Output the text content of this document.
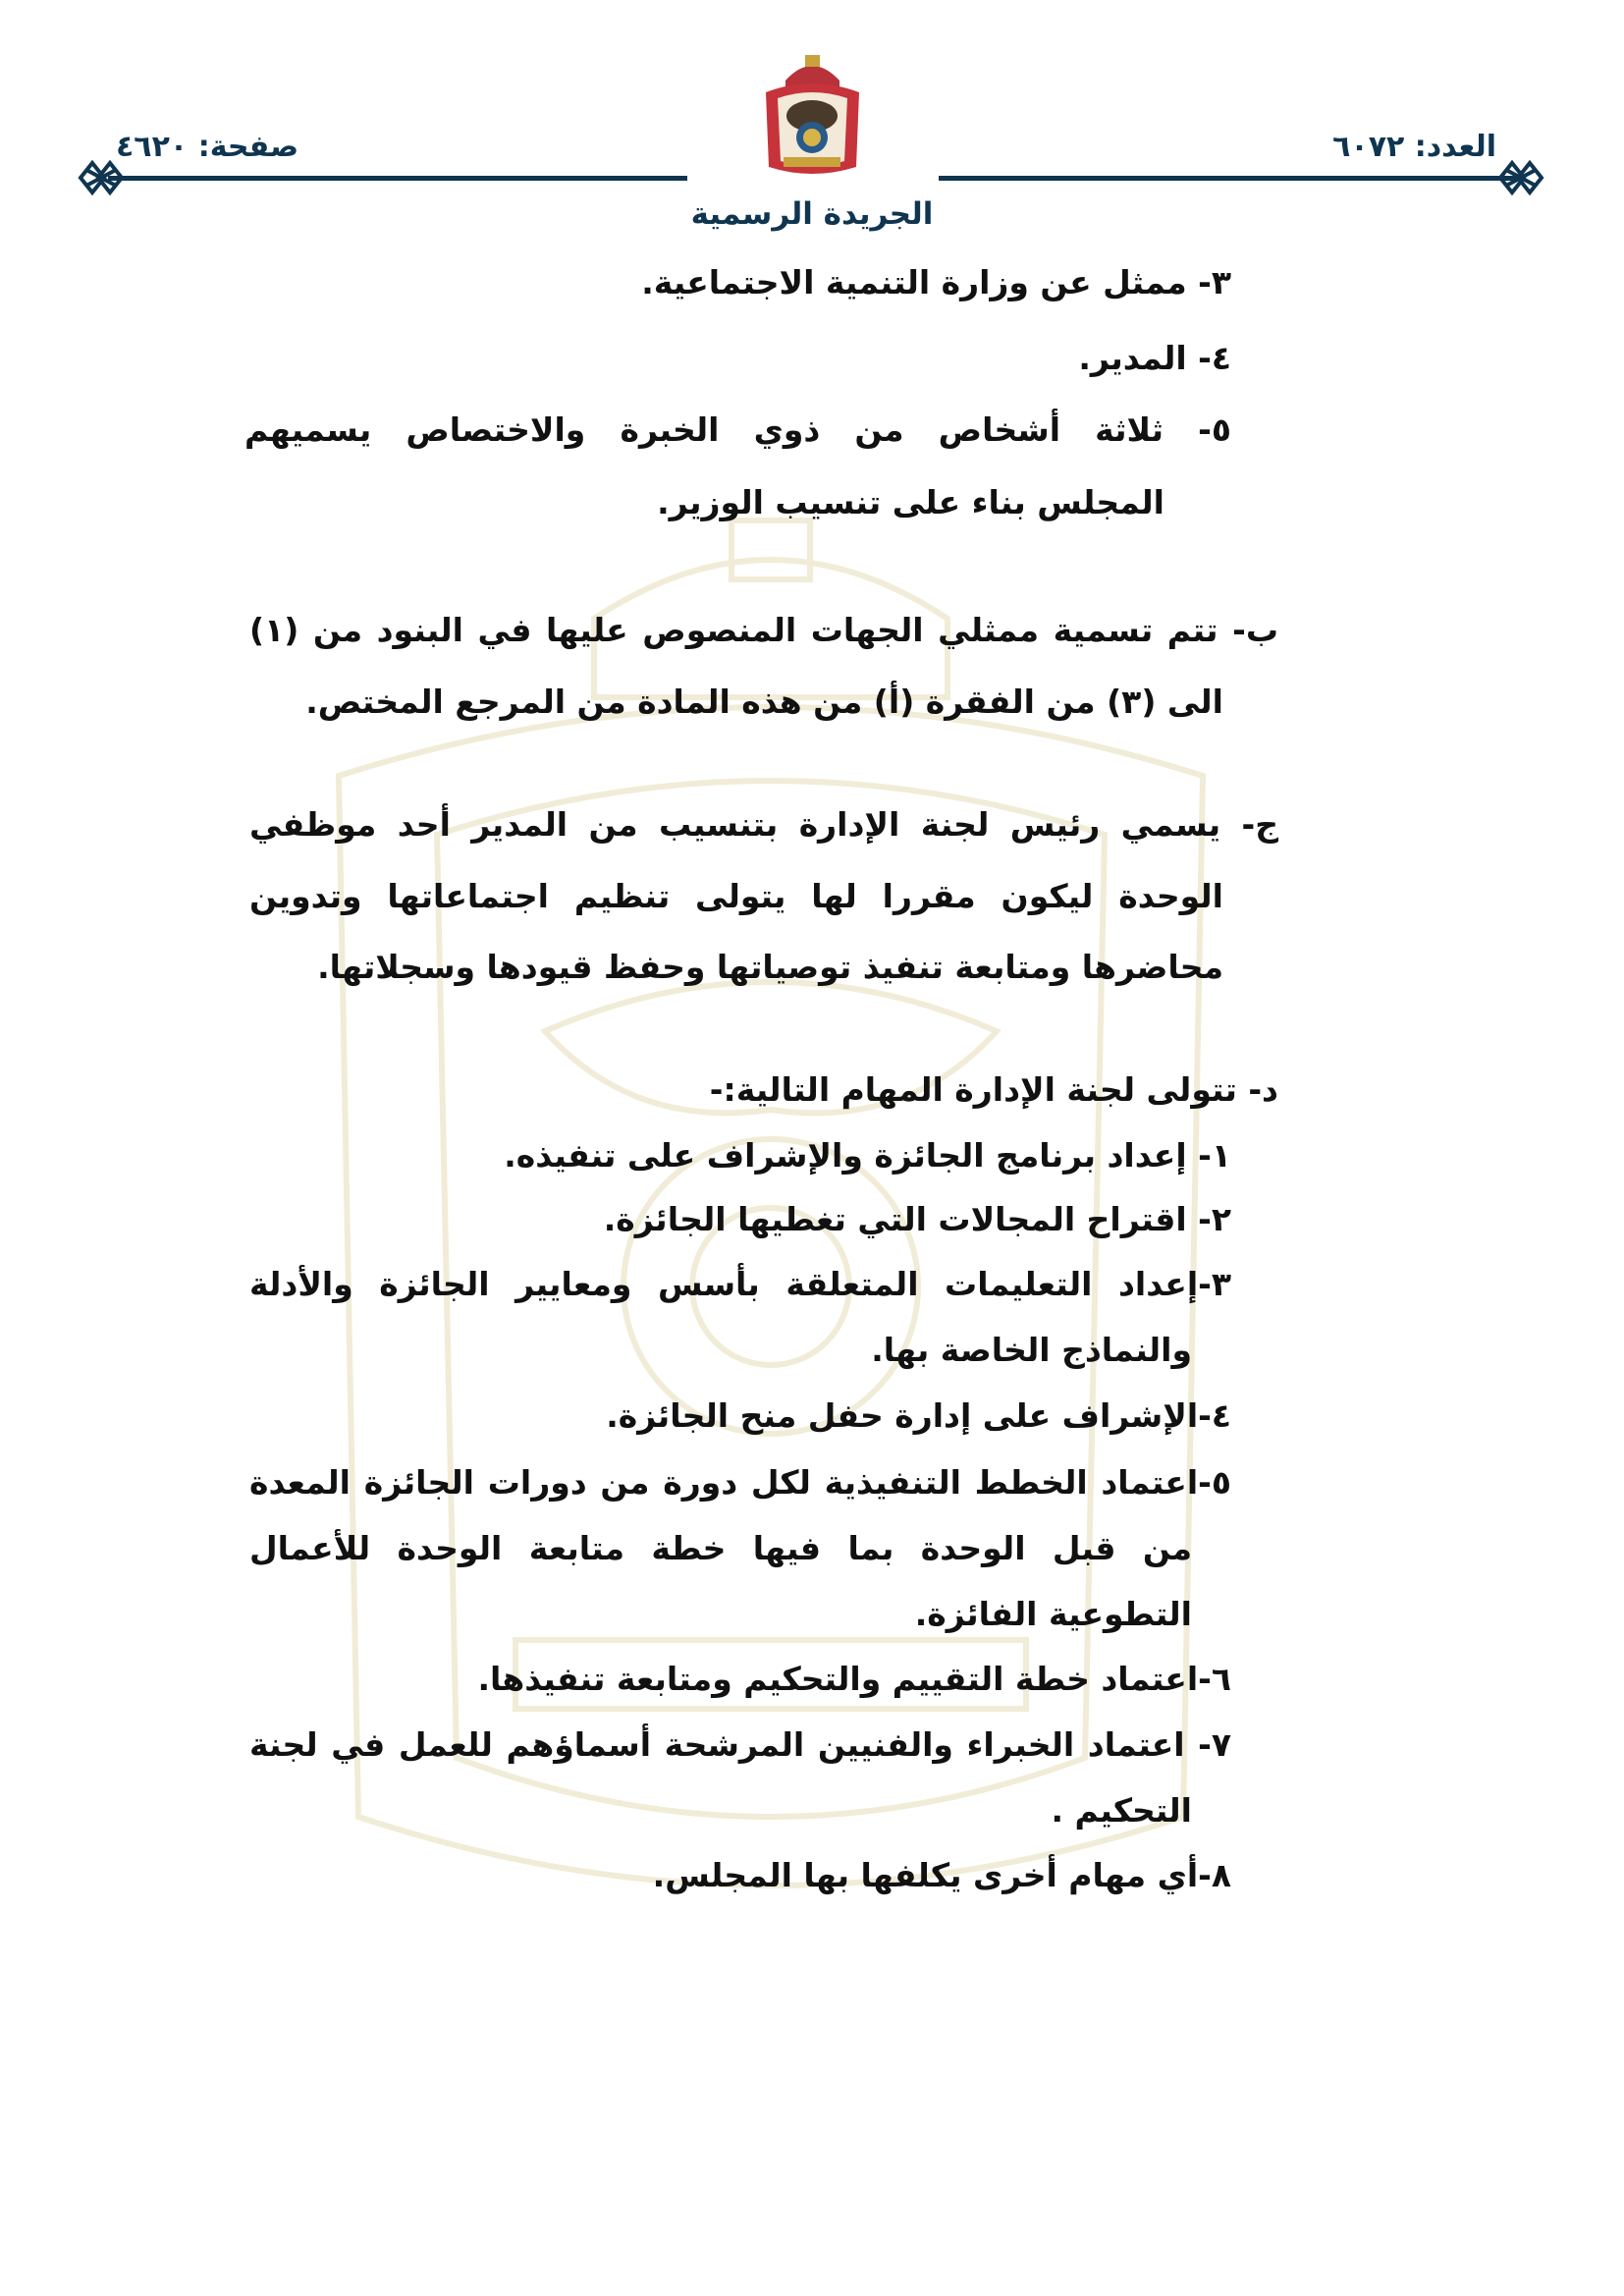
العدد: ٦٠٧٢
صفحة: ٤٦٢٠
الجريدة الرسمية
٣- ممثل عن وزارة التنمية الاجتماعية.
٤- المدير.
٥- ثلاثة أشخاص من ذوي الخبرة والاختصاص يسميهم
المجلس بناء على تنسيب الوزير.
ب- تتم تسمية ممثلي الجهات المنصوص عليها في البنود من (١)
الى (٣) من الفقرة (أ) من هذه المادة من المرجع المختص.
ج- يسمي رئيس لجنة الإدارة بتنسيب من المدير أحد موظفي
الوحدة ليكون مقررا لها يتولى تنظيم اجتماعاتها وتدوين
محاضرها ومتابعة تنفيذ توصياتها وحفظ قيودها وسجلاتها.
د- تتولى لجنة الإدارة المهام التالية:-
١- إعداد برنامج الجائزة والإشراف على تنفيذه.
٢- اقتراح المجالات التي تغطيها الجائزة.
٣-إعداد التعليمات المتعلقة بأسس ومعايير الجائزة والأدلة
والنماذج الخاصة بها.
٤-الإشراف على إدارة حفل منح الجائزة.
٥-اعتماد الخطط التنفيذية لكل دورة من دورات الجائزة المعدة
من قبل الوحدة بما فيها خطة متابعة الوحدة للأعمال
التطوعية الفائزة.
٦-اعتماد خطة التقييم والتحكيم ومتابعة تنفيذها.
٧- اعتماد الخبراء والفنيين المرشحة أسماؤهم للعمل في لجنة
التحكيم .
٨-أي مهام أخرى يكلفها بها المجلس.
